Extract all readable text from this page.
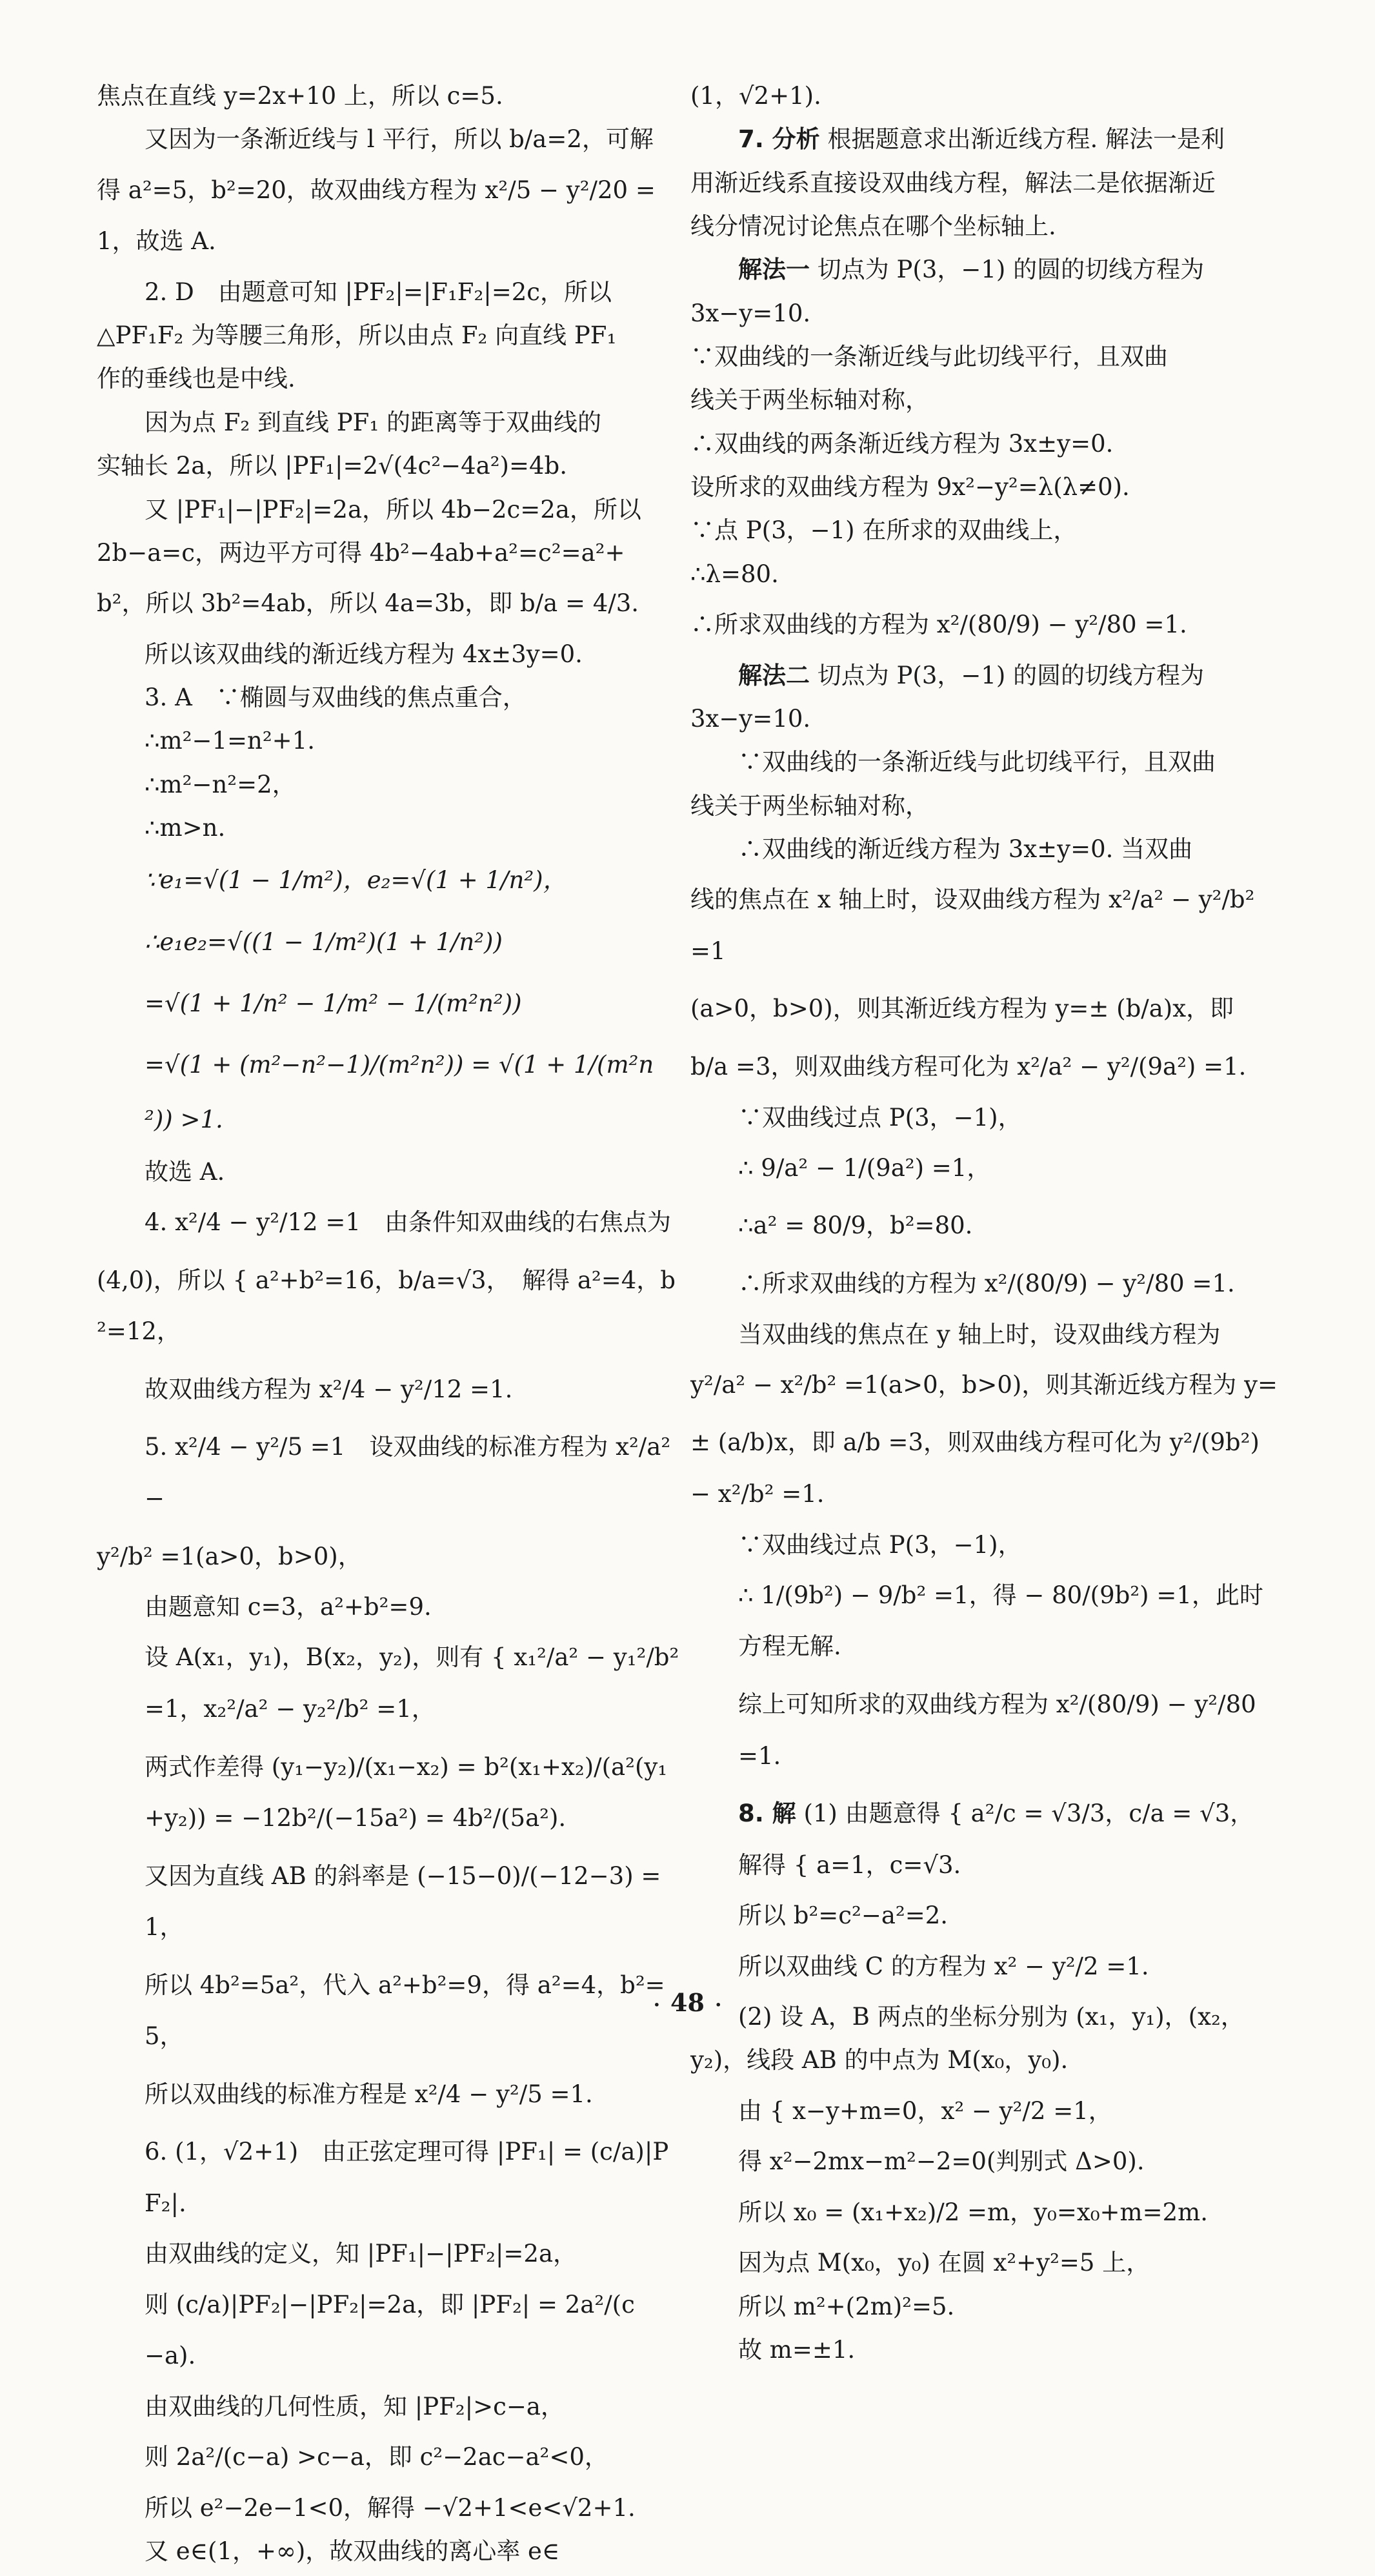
焦点在直线 y=2x+10 上，所以 c=5.
又因为一条渐近线与 l 平行，所以 b/a=2，可解
得 a²=5，b²=20，故双曲线方程为 x²/5 − y²/20 =1，故选 A.
2. D　由题意可知 |PF₂|=|F₁F₂|=2c，所以
△PF₁F₂ 为等腰三角形，所以由点 F₂ 向直线 PF₁
作的垂线也是中线.
因为点 F₂ 到直线 PF₁ 的距离等于双曲线的
实轴长 2a，所以 |PF₁|=2√(4c²−4a²)=4b.
又 |PF₁|−|PF₂|=2a，所以 4b−2c=2a，所以
2b−a=c，两边平方可得 4b²−4ab+a²=c²=a²+
b²，所以 3b²=4ab，所以 4a=3b，即 b/a = 4/3.
所以该双曲线的渐近线方程为 4x±3y=0.
3. A　∵椭圆与双曲线的焦点重合，
∴m²−1=n²+1.
∴m²−n²=2，
∴m>n.
∵e₁=√(1 − 1/m²)，e₂=√(1 + 1/n²)，
∴e₁e₂=√((1 − 1/m²)(1 + 1/n²))
=√(1 + 1/n² − 1/m² − 1/(m²n²))
=√(1 + (m²−n²−1)/(m²n²)) = √(1 + 1/(m²n²)) >1.
故选 A.
4. x²/4 − y²/12 =1　由条件知双曲线的右焦点为
(4,0)，所以 { a²+b²=16，b/a=√3，　解得 a²=4，b²=12，
故双曲线方程为 x²/4 − y²/12 =1.
5. x²/4 − y²/5 =1　设双曲线的标准方程为 x²/a² −
y²/b² =1(a>0，b>0)，
由题意知 c=3，a²+b²=9.
设 A(x₁，y₁)，B(x₂，y₂)，则有 { x₁²/a² − y₁²/b² =1，x₂²/a² − y₂²/b² =1，
两式作差得 (y₁−y₂)/(x₁−x₂) = b²(x₁+x₂)/(a²(y₁+y₂)) = −12b²/(−15a²) = 4b²/(5a²).
又因为直线 AB 的斜率是 (−15−0)/(−12−3) =1，
所以 4b²=5a²，代入 a²+b²=9，得 a²=4，b²=5，
所以双曲线的标准方程是 x²/4 − y²/5 =1.
6. (1，√2+1)　由正弦定理可得 |PF₁| = (c/a)|PF₂|.
由双曲线的定义，知 |PF₁|−|PF₂|=2a，
则 (c/a)|PF₂|−|PF₂|=2a，即 |PF₂| = 2a²/(c−a).
由双曲线的几何性质，知 |PF₂|>c−a，
则 2a²/(c−a) >c−a，即 c²−2ac−a²<0，
所以 e²−2e−1<0，解得 −√2+1<e<√2+1.
又 e∈(1，+∞)，故双曲线的离心率 e∈
(1，√2+1).
7. 分析 根据题意求出渐近线方程. 解法一是利
用渐近线系直接设双曲线方程，解法二是依据渐近
线分情况讨论焦点在哪个坐标轴上.
解法一 切点为 P(3，−1) 的圆的切线方程为
3x−y=10.
∵双曲线的一条渐近线与此切线平行，且双曲
线关于两坐标轴对称，
∴双曲线的两条渐近线方程为 3x±y=0.
设所求的双曲线方程为 9x²−y²=λ(λ≠0).
∵点 P(3，−1) 在所求的双曲线上，
∴λ=80.
∴所求双曲线的方程为 x²/(80/9) − y²/80 =1.
解法二 切点为 P(3，−1) 的圆的切线方程为
3x−y=10.
∵双曲线的一条渐近线与此切线平行，且双曲
线关于两坐标轴对称，
∴双曲线的渐近线方程为 3x±y=0. 当双曲
线的焦点在 x 轴上时，设双曲线方程为 x²/a² − y²/b² =1
(a>0，b>0)，则其渐近线方程为 y=± (b/a)x，即
b/a =3，则双曲线方程可化为 x²/a² − y²/(9a²) =1.
∵双曲线过点 P(3，−1)，
∴ 9/a² − 1/(9a²) =1，
∴a² = 80/9，b²=80.
∴所求双曲线的方程为 x²/(80/9) − y²/80 =1.
当双曲线的焦点在 y 轴上时，设双曲线方程为
y²/a² − x²/b² =1(a>0，b>0)，则其渐近线方程为 y=
± (a/b)x，即 a/b =3，则双曲线方程可化为 y²/(9b²) − x²/b² =1.
∵双曲线过点 P(3，−1)，
∴ 1/(9b²) − 9/b² =1，得 − 80/(9b²) =1，此时方程无解.
综上可知所求的双曲线方程为 x²/(80/9) − y²/80 =1.
8. 解 (1) 由题意得 { a²/c = √3/3，c/a = √3，　解得 { a=1，c=√3.
所以 b²=c²−a²=2.
所以双曲线 C 的方程为 x² − y²/2 =1.
(2) 设 A，B 两点的坐标分别为 (x₁，y₁)，(x₂，
y₂)，线段 AB 的中点为 M(x₀，y₀).
由 { x−y+m=0，x² − y²/2 =1，
得 x²−2mx−m²−2=0(判别式 Δ>0).
所以 x₀ = (x₁+x₂)/2 =m，y₀=x₀+m=2m.
因为点 M(x₀，y₀) 在圆 x²+y²=5 上，
所以 m²+(2m)²=5.
故 m=±1.
· 48 ·
